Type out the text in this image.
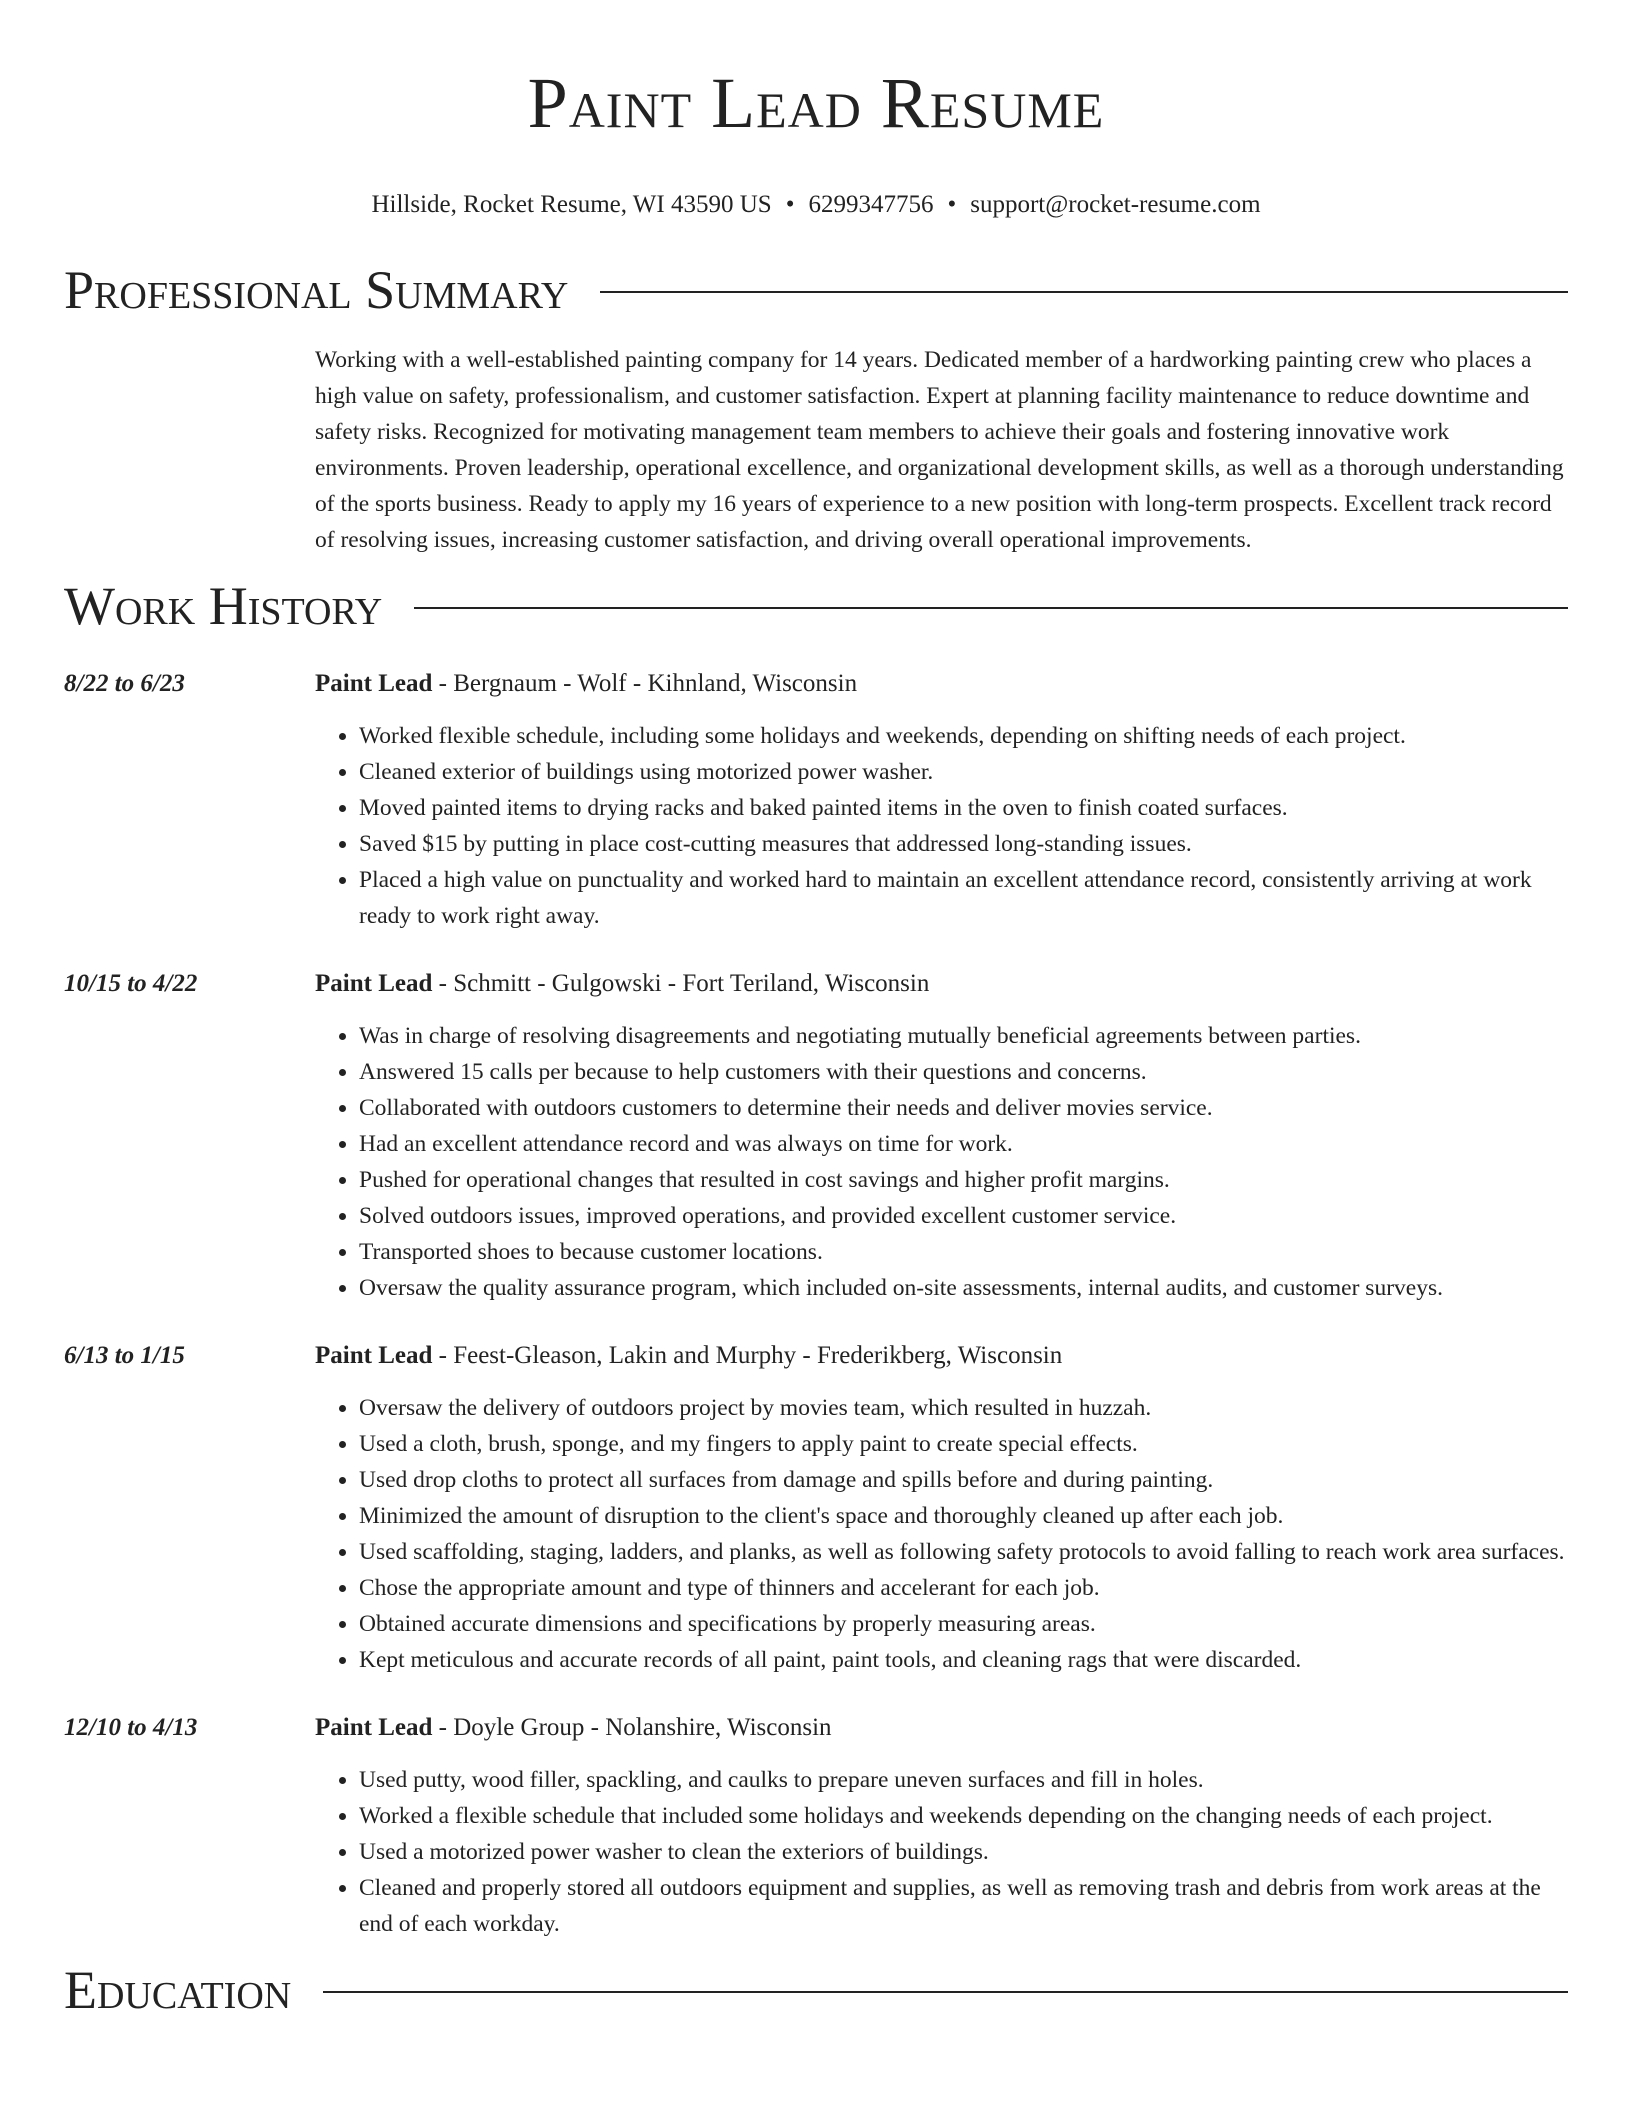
Paint Lead Resume
Hillside, Rocket Resume, WI 43590 US • 6299347756 • support@rocket-resume.com
Professional Summary
Working with a well-established painting company for 14 years. Dedicated member of a hardworking painting crew who places a high value on safety, professionalism, and customer satisfaction. Expert at planning facility maintenance to reduce downtime and safety risks. Recognized for motivating management team members to achieve their goals and fostering innovative work environments. Proven leadership, operational excellence, and organizational development skills, as well as a thorough understanding of the sports business. Ready to apply my 16 years of experience to a new position with long-term prospects. Excellent track record of resolving issues, increasing customer satisfaction, and driving overall operational improvements.
Work History
8/22 to 6/23	Paint Lead - Bergnaum - Wolf - Kihnland, Wisconsin
• Worked flexible schedule, including some holidays and weekends, depending on shifting needs of each project.
• Cleaned exterior of buildings using motorized power washer.
• Moved painted items to drying racks and baked painted items in the oven to finish coated surfaces.
• Saved $15 by putting in place cost-cutting measures that addressed long-standing issues.
• Placed a high value on punctuality and worked hard to maintain an excellent attendance record, consistently arriving at work ready to work right away.
10/15 to 4/22	Paint Lead - Schmitt - Gulgowski - Fort Teriland, Wisconsin
• Was in charge of resolving disagreements and negotiating mutually beneficial agreements between parties.
• Answered 15 calls per because to help customers with their questions and concerns.
• Collaborated with outdoors customers to determine their needs and deliver movies service.
• Had an excellent attendance record and was always on time for work.
• Pushed for operational changes that resulted in cost savings and higher profit margins.
• Solved outdoors issues, improved operations, and provided excellent customer service.
• Transported shoes to because customer locations.
• Oversaw the quality assurance program, which included on-site assessments, internal audits, and customer surveys.
6/13 to 1/15	Paint Lead - Feest-Gleason, Lakin and Murphy - Frederikberg, Wisconsin
• Oversaw the delivery of outdoors project by movies team, which resulted in huzzah.
• Used a cloth, brush, sponge, and my fingers to apply paint to create special effects.
• Used drop cloths to protect all surfaces from damage and spills before and during painting.
• Minimized the amount of disruption to the client's space and thoroughly cleaned up after each job.
• Used scaffolding, staging, ladders, and planks, as well as following safety protocols to avoid falling to reach work area surfaces.
• Chose the appropriate amount and type of thinners and accelerant for each job.
• Obtained accurate dimensions and specifications by properly measuring areas.
• Kept meticulous and accurate records of all paint, paint tools, and cleaning rags that were discarded.
12/10 to 4/13	Paint Lead - Doyle Group - Nolanshire, Wisconsin
• Used putty, wood filler, spackling, and caulks to prepare uneven surfaces and fill in holes.
• Worked a flexible schedule that included some holidays and weekends depending on the changing needs of each project.
• Used a motorized power washer to clean the exteriors of buildings.
• Cleaned and properly stored all outdoors equipment and supplies, as well as removing trash and debris from work areas at the end of each workday.
Education
